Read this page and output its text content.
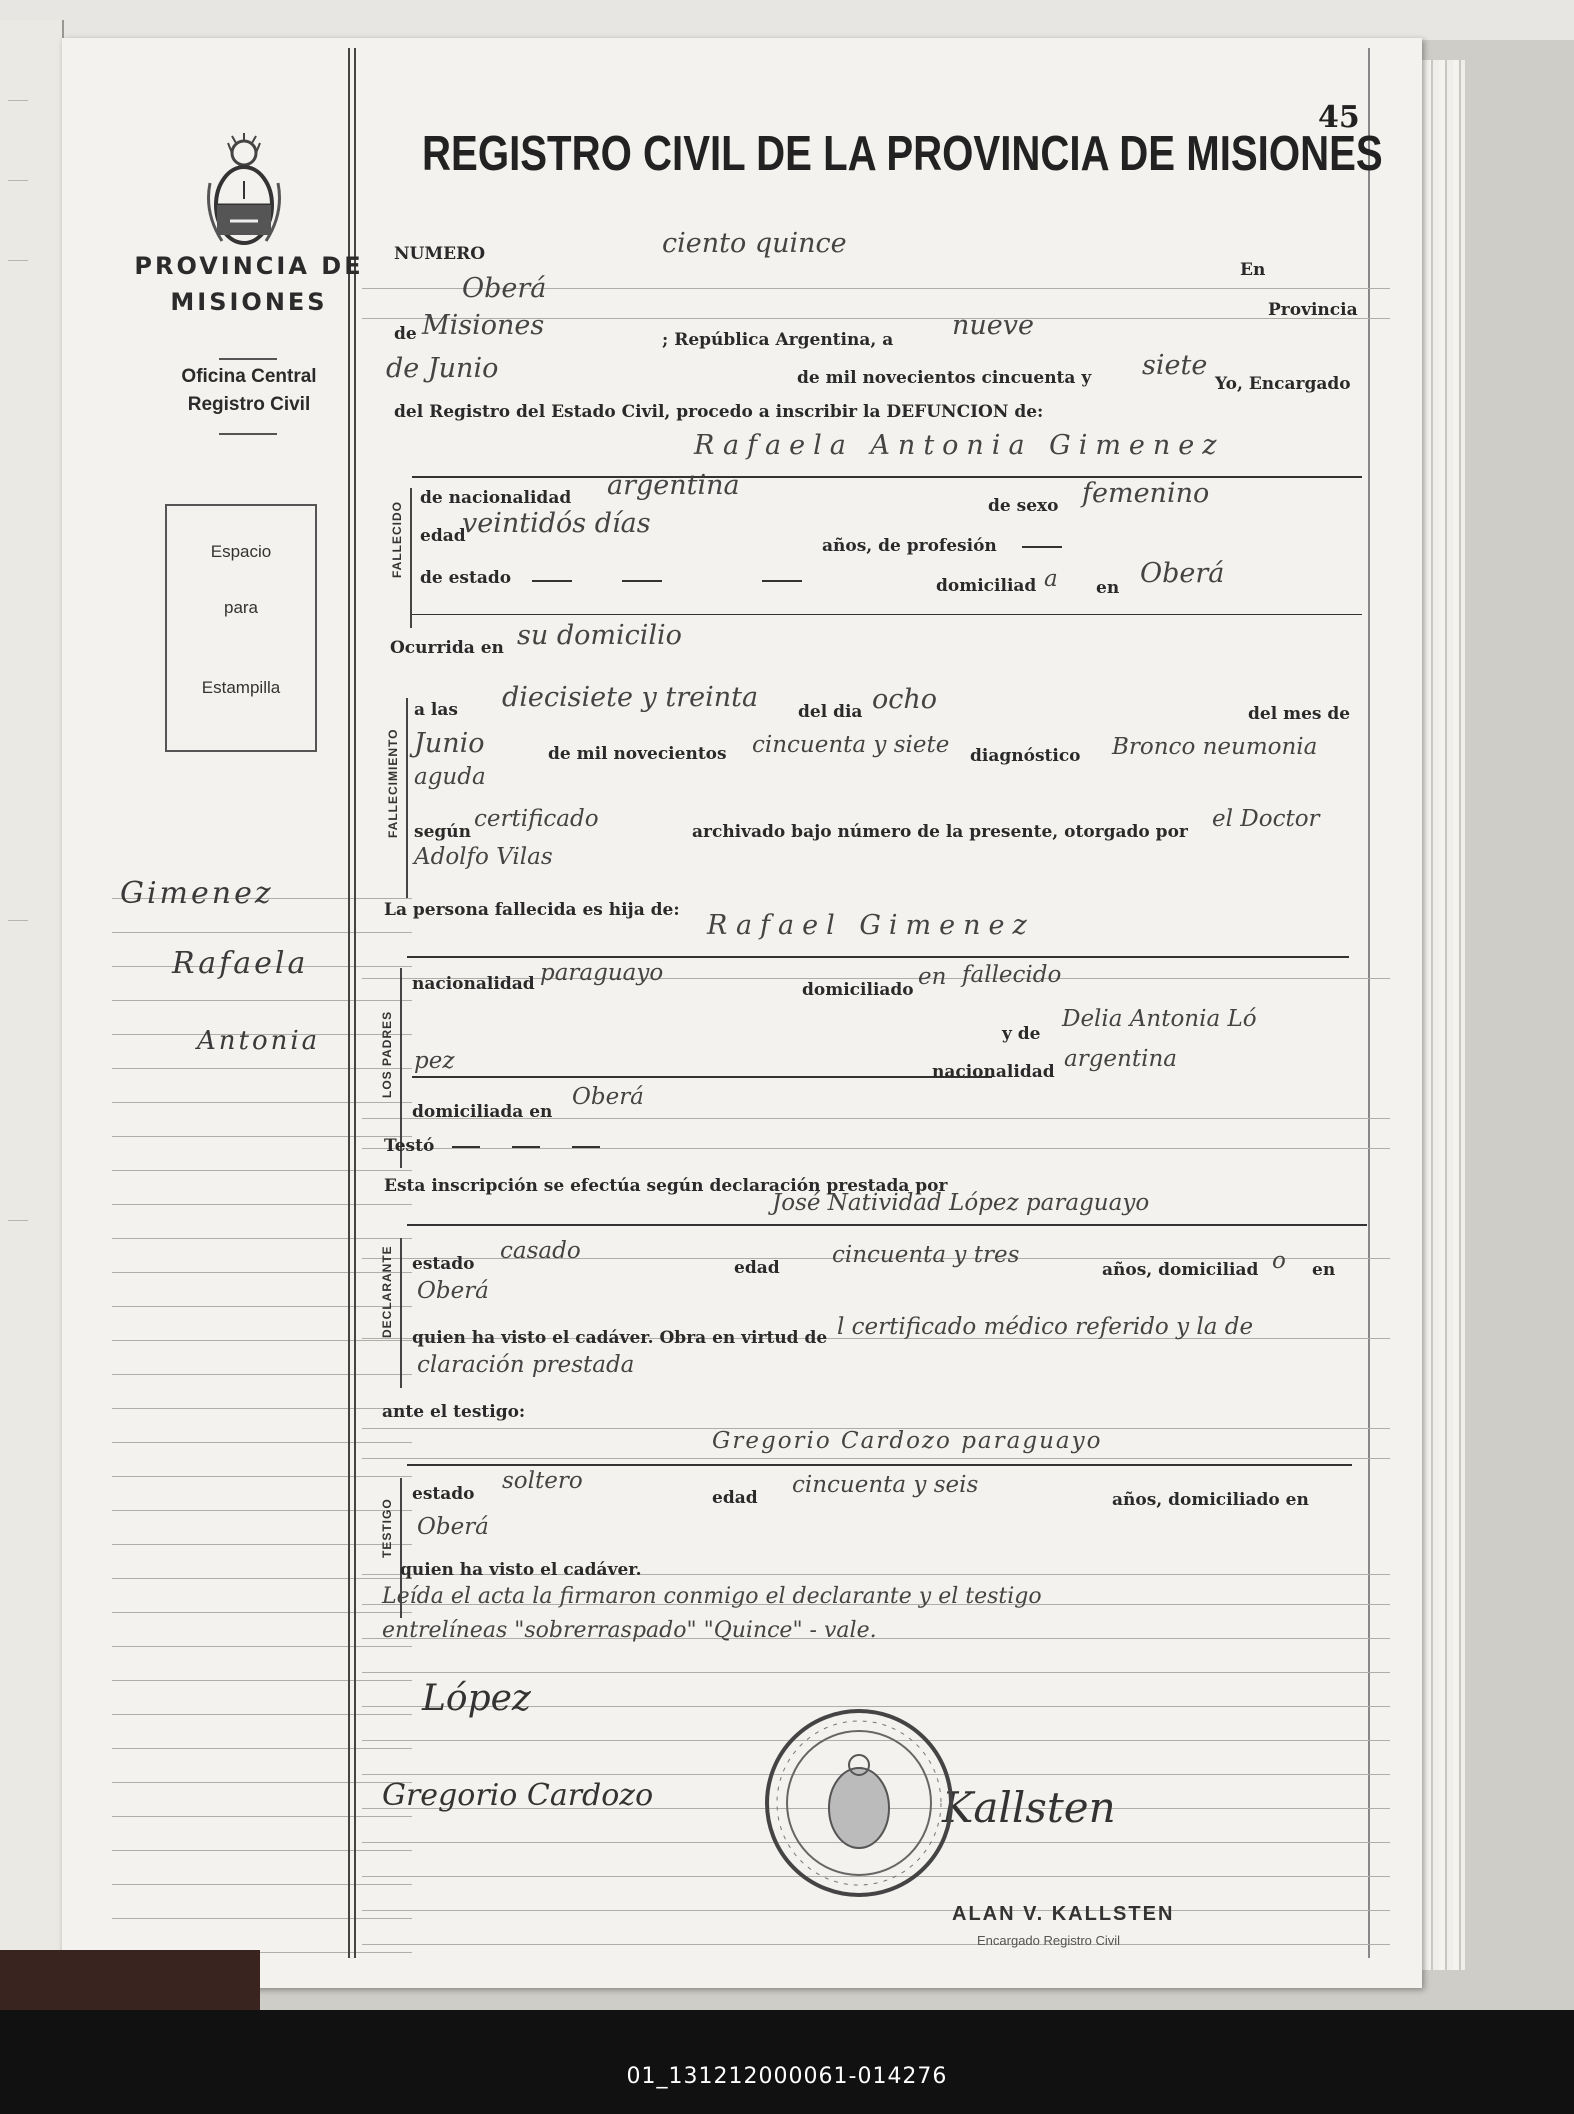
PROVINCIA DE
MISIONES
Oficina Central
Registro Civil
Espacio
para
Estampilla
Gimenez
Rafaela
Antonia
45
REGISTRO CIVIL DE LA PROVINCIA DE MISIONES
NUMERO	ciento quince
En
Oberá
Provincia
de Misiones	; República Argentina, a nueve
de Junio	de mil novecientos cincuenta y siete
Yo, Encargado
del Registro del Estado Civil, procedo a inscribir la DEFUNCION de:
FALLECIDO
Rafaela Antonia Gimenez
de nacionalidad argentina
de sexo femenino
edad
veintidós días
años, de profesión
de estado	domiciliad a en Oberá
Ocurrida en su domicilio
FALLECIMIENTO
a las diecisiete y treinta del dia ocho	del mes de
Junio	de mil novecientos cincuenta y siete diagnóstico Bronco neumonia
aguda
según certificado	archivado bajo número de la presente, otorgado por el Doctor
Adolfo Vilas
La persona fallecida es hija de: Rafael Gimenez
LOS PADRES
nacionalidad paraguayo
domiciliado en fallecido
y de
Delia Antonia Ló
pez	nacionalidad argentina
domiciliada en
Oberá
Testó
Esta inscripción se efectúa según declaración prestada por
José Natividad López paraguayo
DECLARANTE estado casado
edad cincuenta y tres
años, domiciliad o en
Oberá
quien ha visto el cadáver. Obra en virtud de l certificado médico referido y la de
claración prestada
ante el testigo:
Gregorio Cardozo paraguayo
TESTIGO
estado soltero
edad cincuenta y seis
años, domiciliado en
Oberá
quien ha visto el cadáver.
Leída el acta la firmaron conmigo el declarante y el testigo
entrelíneas "sobrerraspado" "Quince" - vale.
López
Gregorio Cardozo	Kallsten
ALAN V. KALLSTEN
Encargado Registro Civil
01_131212000061-014276
